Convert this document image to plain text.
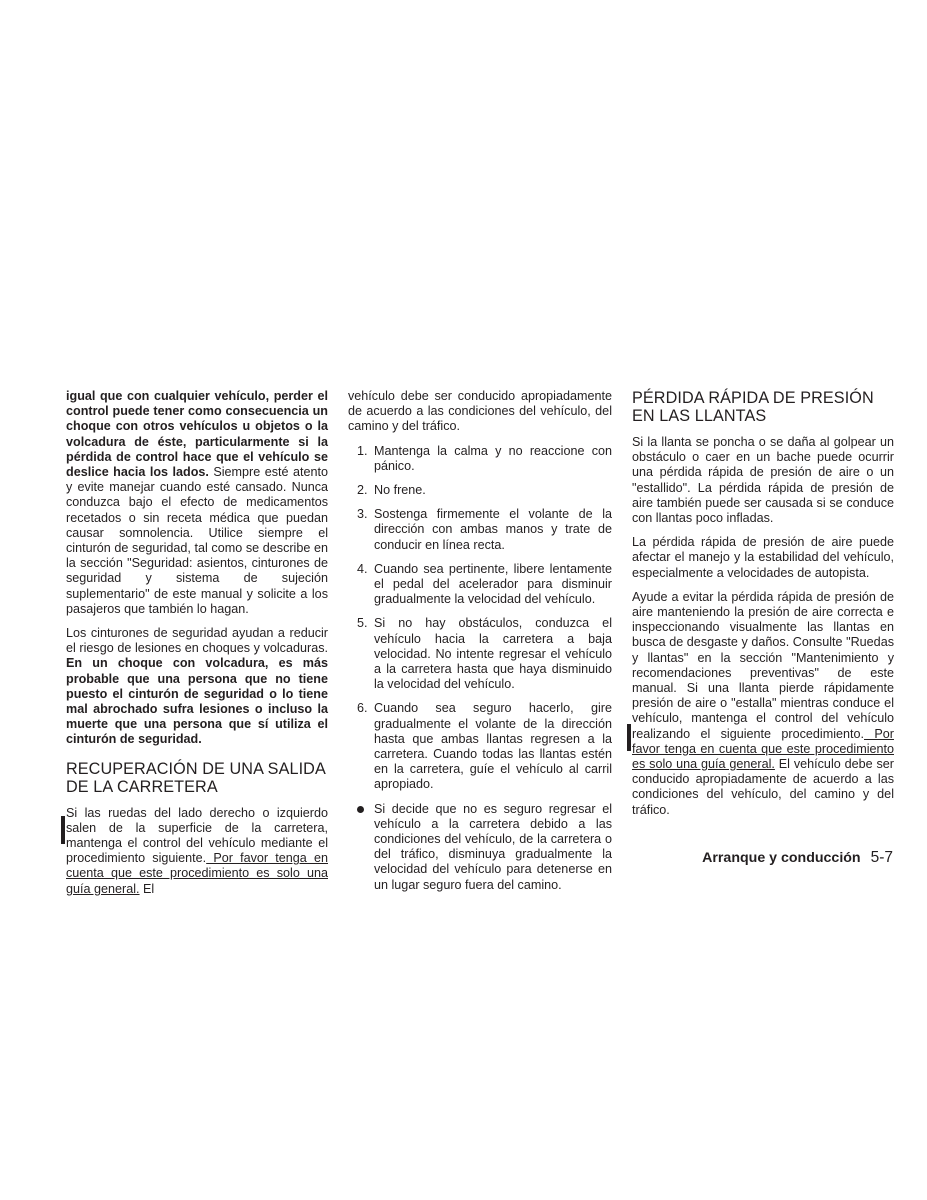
igual que con cualquier vehículo, perder el control puede tener como consecuencia un choque con otros vehículos u objetos o la volcadura de éste, particularmente si la pérdida de control hace que el vehículo se deslice hacia los lados. Siempre esté atento y evite manejar cuando esté cansado. Nunca conduzca bajo el efecto de medicamentos recetados o sin receta médica que puedan causar somnolencia. Utilice siempre el cinturón de seguridad, tal como se describe en la sección "Seguridad: asientos, cinturones de seguridad y sistema de sujeción suplementario" de este manual y solicite a los pasajeros que también lo hagan.

Los cinturones de seguridad ayudan a reducir el riesgo de lesiones en choques y volcaduras. En un choque con volcadura, es más probable que una persona que no tiene puesto el cinturón de seguridad o lo tiene mal abrochado sufra lesiones o incluso la muerte que una persona que sí utiliza el cinturón de seguridad.

RECUPERACIÓN DE UNA SALIDA DE LA CARRETERA

Si las ruedas del lado derecho o izquierdo salen de la superficie de la carretera, mantenga el control del vehículo mediante el procedimiento siguiente. Por favor tenga en cuenta que este procedimiento es solo una guía general. El

vehículo debe ser conducido apropiadamente de acuerdo a las condiciones del vehículo, del camino y del tráfico.

1. Mantenga la calma y no reaccione con pánico.
2. No frene.
3. Sostenga firmemente el volante de la dirección con ambas manos y trate de conducir en línea recta.
4. Cuando sea pertinente, libere lentamente el pedal del acelerador para disminuir gradualmente la velocidad del vehículo.
5. Si no hay obstáculos, conduzca el vehículo hacia la carretera a baja velocidad. No intente regresar el vehículo a la carretera hasta que haya disminuido la velocidad del vehículo.
6. Cuando sea seguro hacerlo, gire gradualmente el volante de la dirección hasta que ambas llantas regresen a la carretera. Cuando todas las llantas estén en la carretera, guíe el vehículo al carril apropiado.
Si decide que no es seguro regresar el vehículo a la carretera debido a las condiciones del vehículo, de la carretera o del tráfico, disminuya gradualmente la velocidad del vehículo para detenerse en un lugar seguro fuera del camino.
PÉRDIDA RÁPIDA DE PRESIÓN EN LAS LLANTAS

Si la llanta se poncha o se daña al golpear un obstáculo o caer en un bache puede ocurrir una pérdida rápida de presión de aire o un "estallido". La pérdida rápida de presión de aire también puede ser causada si se conduce con llantas poco infladas.

La pérdida rápida de presión de aire puede afectar el manejo y la estabilidad del vehículo, especialmente a velocidades de autopista.

Ayude a evitar la pérdida rápida de presión de aire manteniendo la presión de aire correcta e inspeccionando visualmente las llantas en busca de desgaste y daños. Consulte "Ruedas y llantas" en la sección "Mantenimiento y recomendaciones preventivas" de este manual. Si una llanta pierde rápidamente presión de aire o "estalla" mientras conduce el vehículo, mantenga el control del vehículo realizando el siguiente procedimiento. Por favor tenga en cuenta que este procedimiento es solo una guía general. El vehículo debe ser conducido apropiadamente de acuerdo a las condiciones del vehículo, del camino y del tráfico.

Arranque y conducción 5-7
